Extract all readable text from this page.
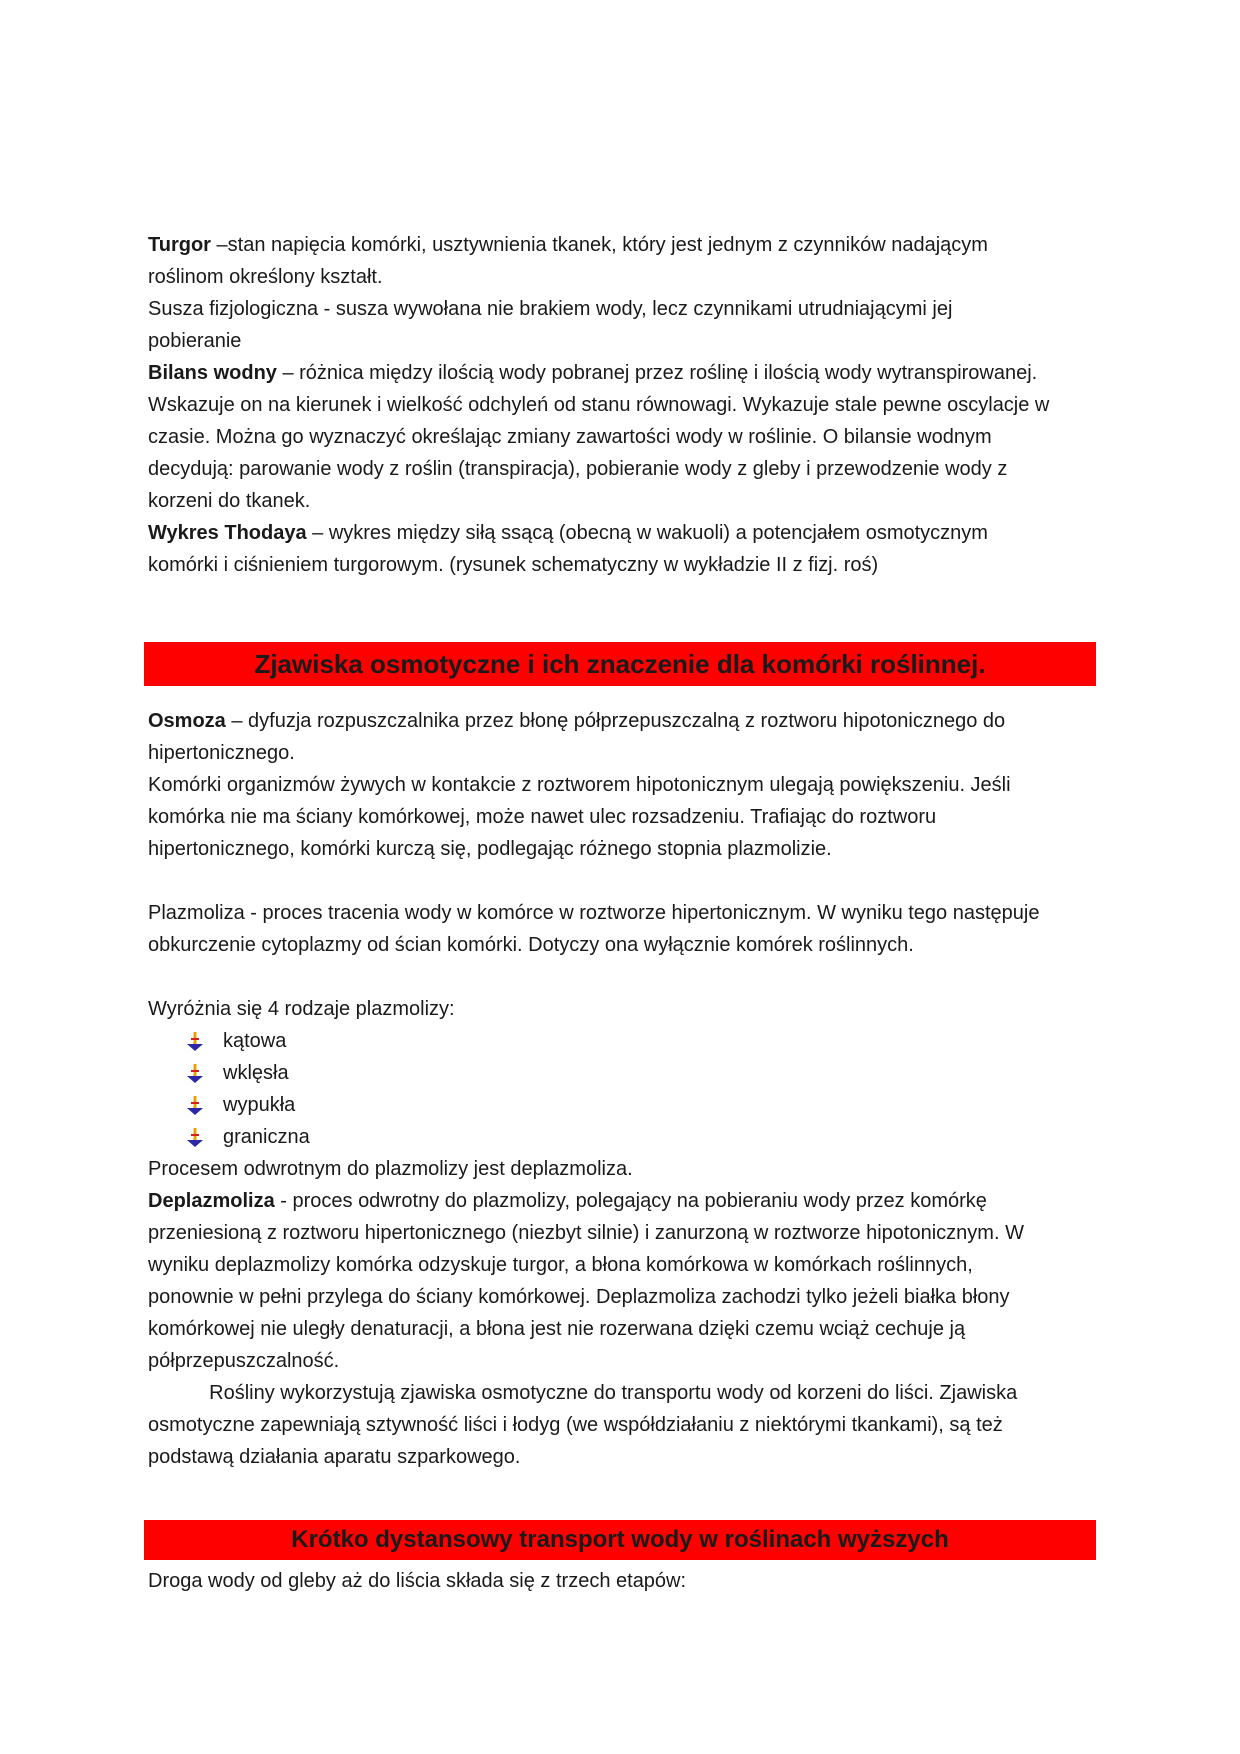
Turgor –stan napięcia komórki, usztywnienia tkanek, który jest jednym z czynników nadającym
roślinom określony kształt.
Susza fizjologiczna - susza wywołana nie brakiem wody, lecz czynnikami utrudniającymi jej
pobieranie
Bilans wodny – różnica między ilością wody pobranej przez roślinę i ilością wody wytranspirowanej.
Wskazuje on na kierunek i wielkość odchyleń od stanu równowagi. Wykazuje stale pewne oscylacje w
czasie. Można go wyznaczyć określając zmiany zawartości wody w roślinie. O bilansie wodnym
decydują: parowanie wody z roślin (transpiracja), pobieranie wody z gleby i przewodzenie wody z
korzeni do tkanek.
Wykres Thodaya – wykres między siłą ssącą (obecną w wakuoli) a potencjałem osmotycznym
komórki i ciśnieniem turgorowym. (rysunek schematyczny w wykładzie II z fizj. roś)
Zjawiska osmotyczne i ich znaczenie dla komórki roślinnej.
Osmoza – dyfuzja rozpuszczalnika przez błonę półprzepuszczalną z roztworu hipotonicznego do
hipertonicznego.
Komórki organizmów żywych w kontakcie z roztworem hipotonicznym ulegają powiększeniu. Jeśli
komórka nie ma ściany komórkowej, może nawet ulec rozsadzeniu. Trafiając do roztworu
hipertonicznego, komórki kurczą się, podlegając różnego stopnia plazmolizie.
Plazmoliza - proces tracenia wody w komórce w roztworze hipertonicznym. W wyniku tego następuje
obkurczenie cytoplazmy od ścian komórki. Dotyczy ona wyłącznie komórek roślinnych.
Wyróżnia się 4 rodzaje plazmolizy:
kątowa
wklęsła
wypukła
graniczna
Procesem odwrotnym do plazmolizy jest deplazmoliza.
Deplazmoliza - proces odwrotny do plazmolizy, polegający na pobieraniu wody przez komórkę
przeniesioną z roztworu hipertonicznego (niezbyt silnie) i zanurzoną w roztworze hipotonicznym. W
wyniku deplazmolizy komórka odzyskuje turgor, a błona komórkowa w komórkach roślinnych,
ponownie w pełni przylega do ściany komórkowej. Deplazmoliza zachodzi tylko jeżeli białka błony
komórkowej nie uległy denaturacji, a błona jest nie rozerwana dzięki czemu wciąż cechuje ją
półprzepuszczalność.
Rośliny wykorzystują zjawiska osmotyczne do transportu wody od korzeni do liści. Zjawiska
osmotyczne zapewniają sztywność liści i łodyg (we współdziałaniu z niektórymi tkankami), są też
podstawą działania aparatu szparkowego.
Krótko dystansowy transport wody w roślinach wyższych
Droga wody od gleby aż do liścia składa się z trzech etapów:
